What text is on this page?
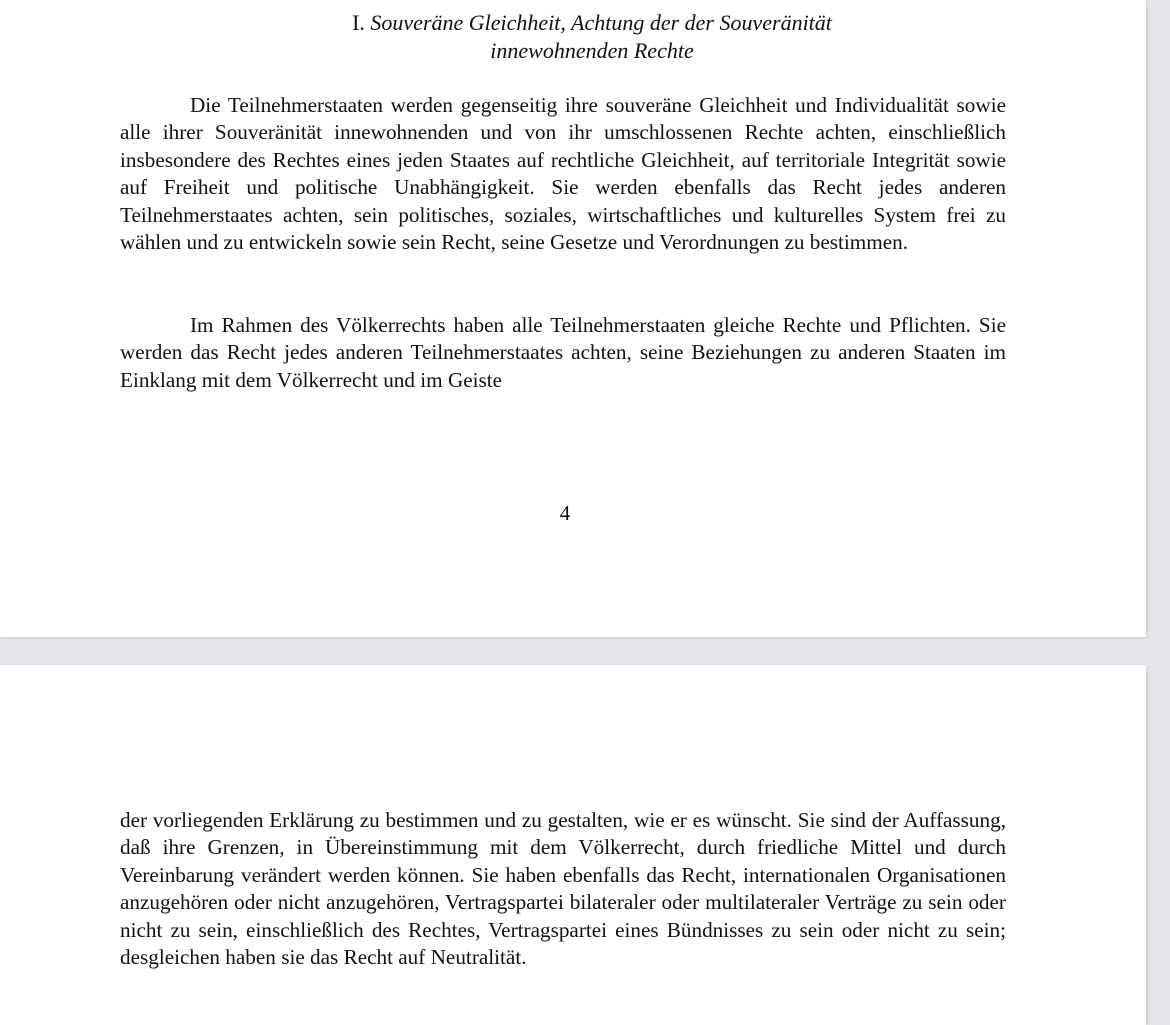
I. Souveräne Gleichheit, Achtung der der Souveränität
innewohnenden Rechte

Die Teilnehmerstaaten werden gegenseitig ihre souveräne Gleichheit und Individualität sowie alle ihrer Souveränität innewohnenden und von ihr umschlossenen Rechte achten, einschließlich insbesondere des Rechtes eines jeden Staates auf rechtliche Gleichheit, auf territoriale Integrität sowie auf Freiheit und politische Unabhängigkeit. Sie werden ebenfalls das Recht jedes anderen Teilnehmerstaates achten, sein politisches, soziales, wirtschaftliches und kulturelles System frei zu wählen und zu entwickeln sowie sein Recht, seine Gesetze und Verordnungen zu bestimmen.

Im Rahmen des Völkerrechts haben alle Teilnehmerstaaten gleiche Rechte und Pflichten. Sie werden das Recht jedes anderen Teilnehmerstaates achten, seine Beziehungen zu anderen Staaten im Einklang mit dem Völkerrecht und im Geiste

4

der vorliegenden Erklärung zu bestimmen und zu gestalten, wie er es wünscht. Sie sind der Auffassung, daß ihre Grenzen, in Übereinstimmung mit dem Völkerrecht, durch friedliche Mittel und durch Vereinbarung verändert werden können. Sie haben ebenfalls das Recht, internationalen Organisationen anzugehören oder nicht anzugehören, Vertragspartei bilateraler oder multilateraler Verträge zu sein oder nicht zu sein, einschließlich des Rechtes, Vertragspartei eines Bündnisses zu sein oder nicht zu sein; desgleichen haben sie das Recht auf Neutralität.
